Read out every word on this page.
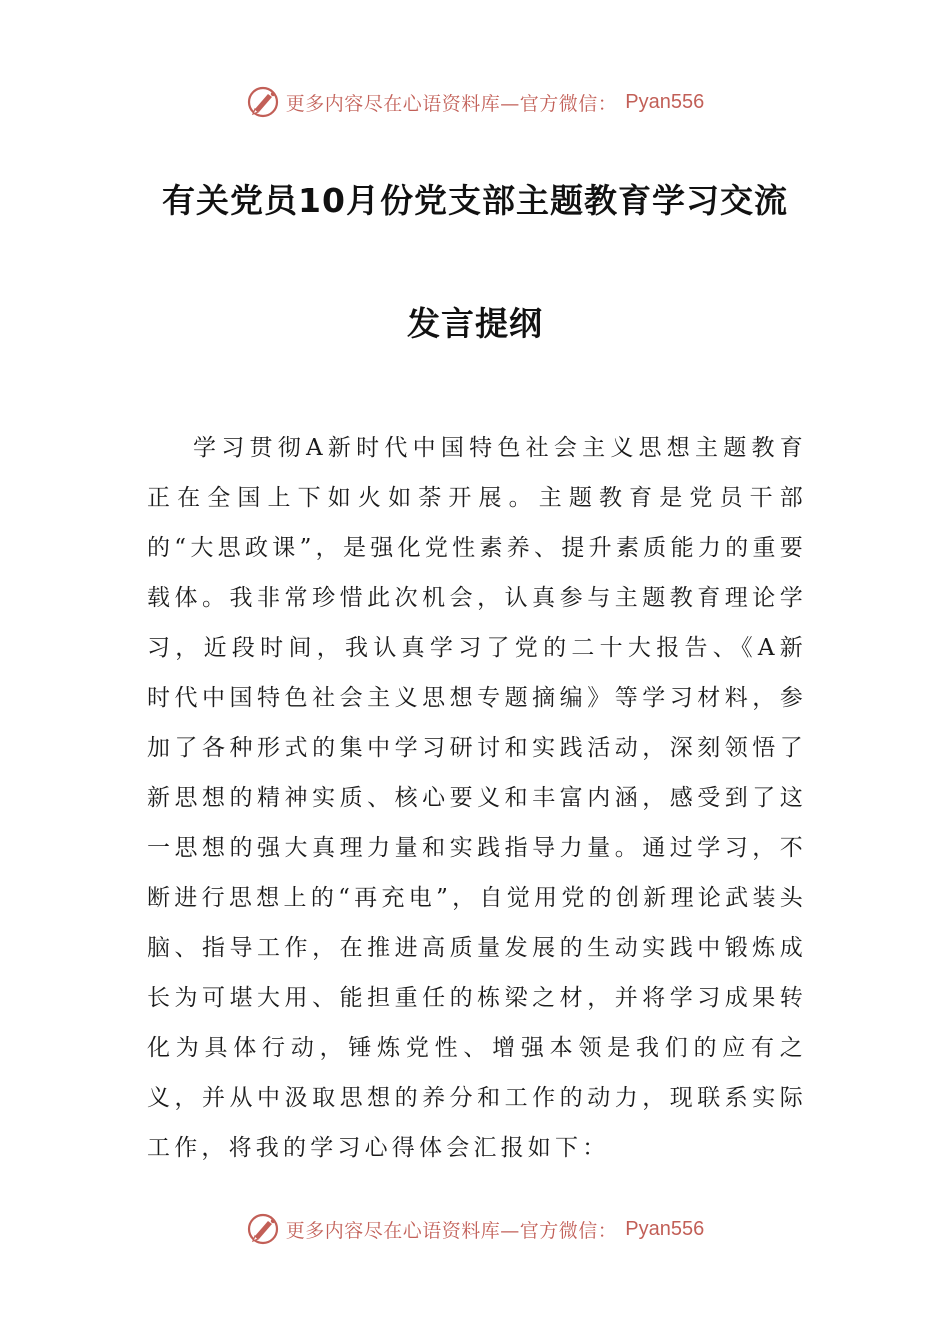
更多内容尽在心语资料库—官方微信： Pyan556
有关党员10月份党支部主题教育学习交流
发言提纲

学习贯彻A新时代中国特色社会主义思想主题教育正在全国上下如火如荼开展。主题教育是党员干部的“大思政课”，是强化党性素养、提升素质能力的重要载体。我非常珍惜此次机会，认真参与主题教育理论学习，近段时间，我认真学习了党的二十大报告、《A新时代中国特色社会主义思想专题摘编》等学习材料，参加了各种形式的集中学习研讨和实践活动，深刻领悟了新思想的精神实质、核心要义和丰富内涵，感受到了这一思想的强大真理力量和实践指导力量。通过学习，不断进行思想上的“再充电”，自觉用党的创新理论武装头脑、指导工作，在推进高质量发展的生动实践中锻炼成长为可堪大用、能担重任的栋梁之材，并将学习成果转化为具体行动，锤炼党性、增强本领是我们的应有之义，并从中汲取思想的养分和工作的动力，现联系实际工作，将我的学习心得体会汇报如下：

更多内容尽在心语资料库—官方微信： Pyan556
